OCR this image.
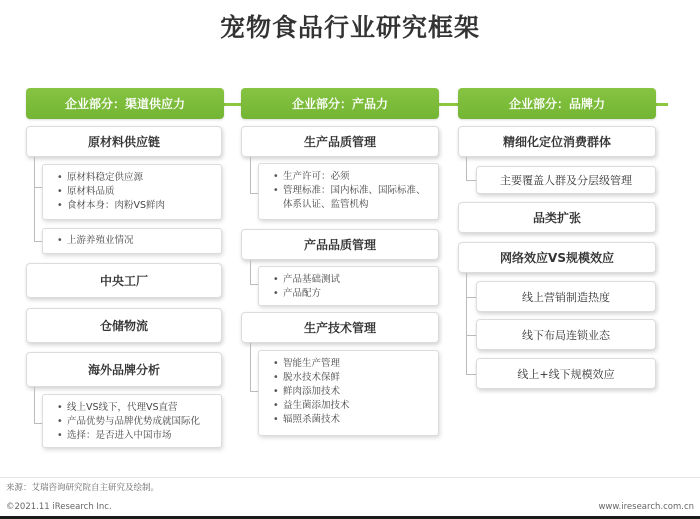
宠物食品行业研究框架
企业部分：渠道供应力	企业部分：产品力	企业部分：品牌力
原材料供应链
• 原材料稳定供应源
• 原材料品质
• 食材本身：肉粉VS鲜肉
• 上游养殖业情况
中央工厂
仓储物流
海外品牌分析
• 线上VS线下，代理VS直营
• 产品优势与品牌优势成就国际化
• 选择：是否进入中国市场
生产品质管理
• 生产许可：必须
• 管理标准：国内标准、国际标准、体系认证、监管机构
产品品质管理
• 产品基础测试
• 产品配方
生产技术管理
• 智能生产管理
• 脱水技术保鲜
• 鲜肉添加技术
• 益生菌添加技术
• 辐照杀菌技术
精细化定位消费群体
主要覆盖人群及分层级管理
品类扩张
网络效应VS规模效应
线上营销制造热度
线下布局连锁业态
线上+线下规模效应
来源：艾瑞咨询研究院自主研究及绘制。
©2021.11 iResearch Inc.	www.iresearch.com.cn
